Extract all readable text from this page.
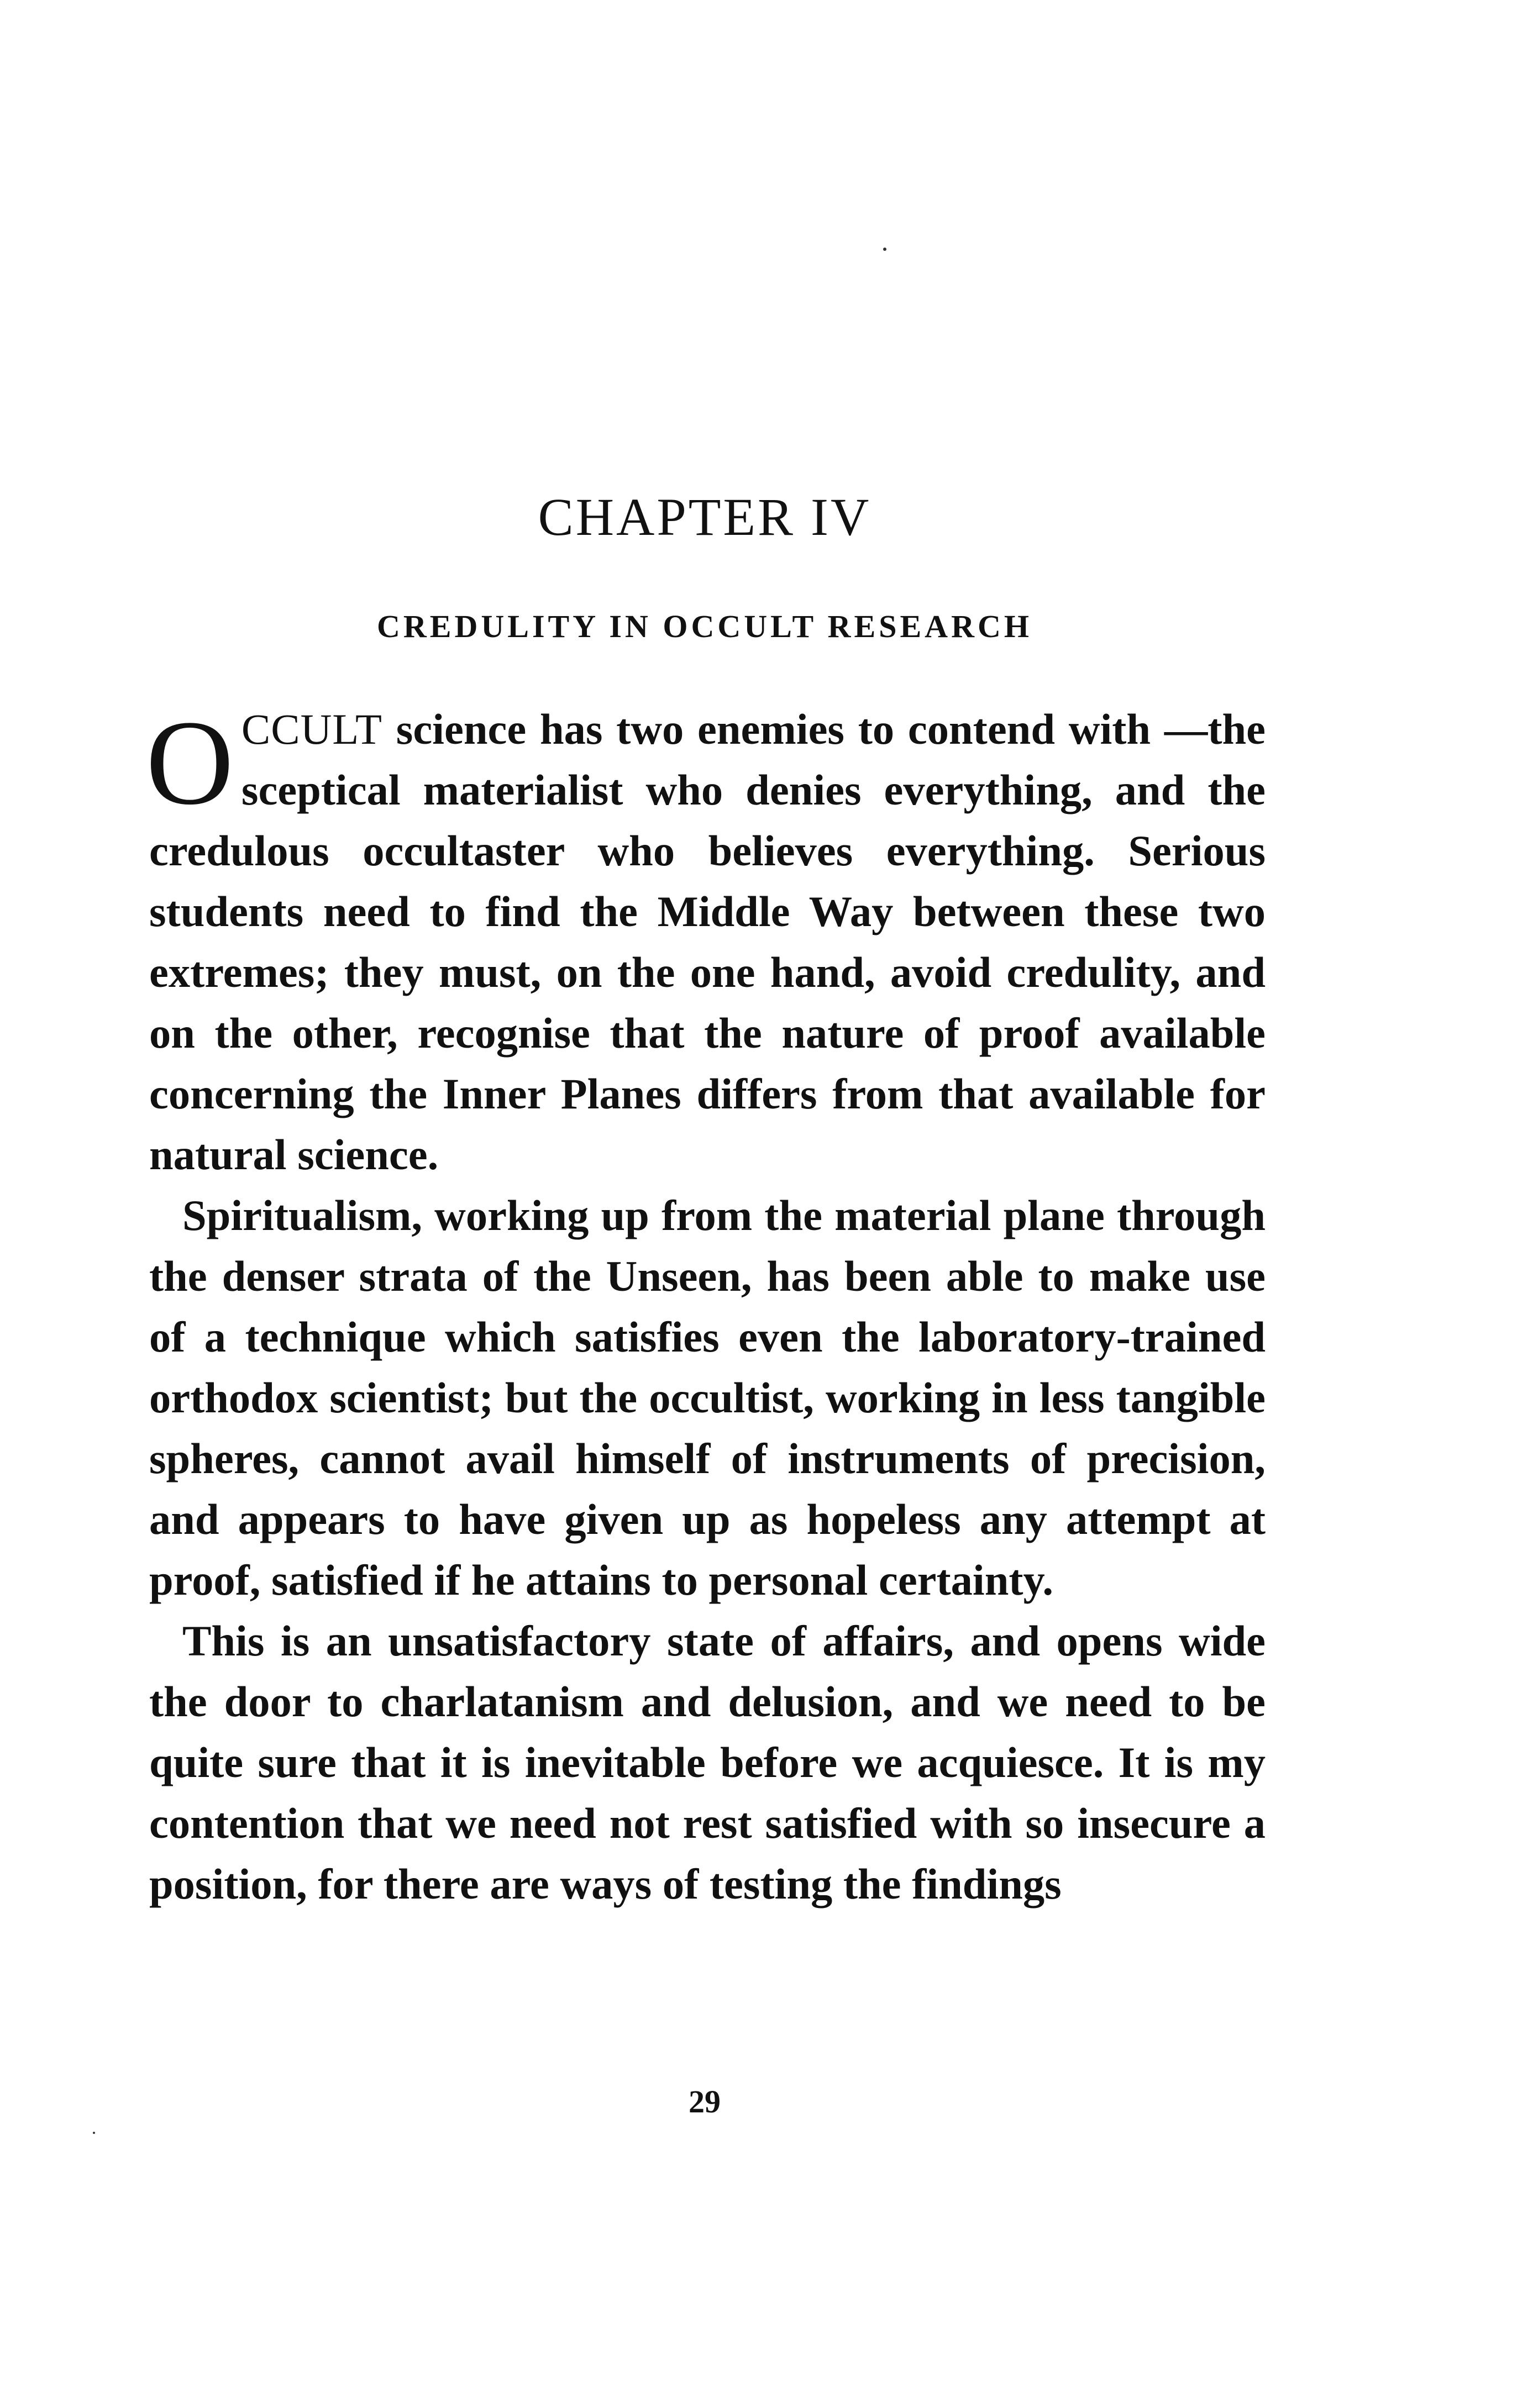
CHAPTER IV
CREDULITY IN OCCULT RESEARCH

OCCULT science has two enemies to contend with —the sceptical materialist who denies everything, and the credulous occultaster who believes everything. Serious students need to find the Middle Way between these two extremes; they must, on the one hand, avoid credulity, and on the other, recognise that the nature of proof available concerning the Inner Planes differs from that available for natural science.

Spiritualism, working up from the material plane through the denser strata of the Unseen, has been able to make use of a technique which satisfies even the laboratory-trained orthodox scientist; but the occultist, working in less tangible spheres, cannot avail himself of instruments of precision, and appears to have given up as hopeless any attempt at proof, satisfied if he attains to personal certainty.

This is an unsatisfactory state of affairs, and opens wide the door to charlatanism and delusion, and we need to be quite sure that it is inevitable before we acquiesce. It is my contention that we need not rest satisfied with so insecure a position, for there are ways of testing the findings

29
